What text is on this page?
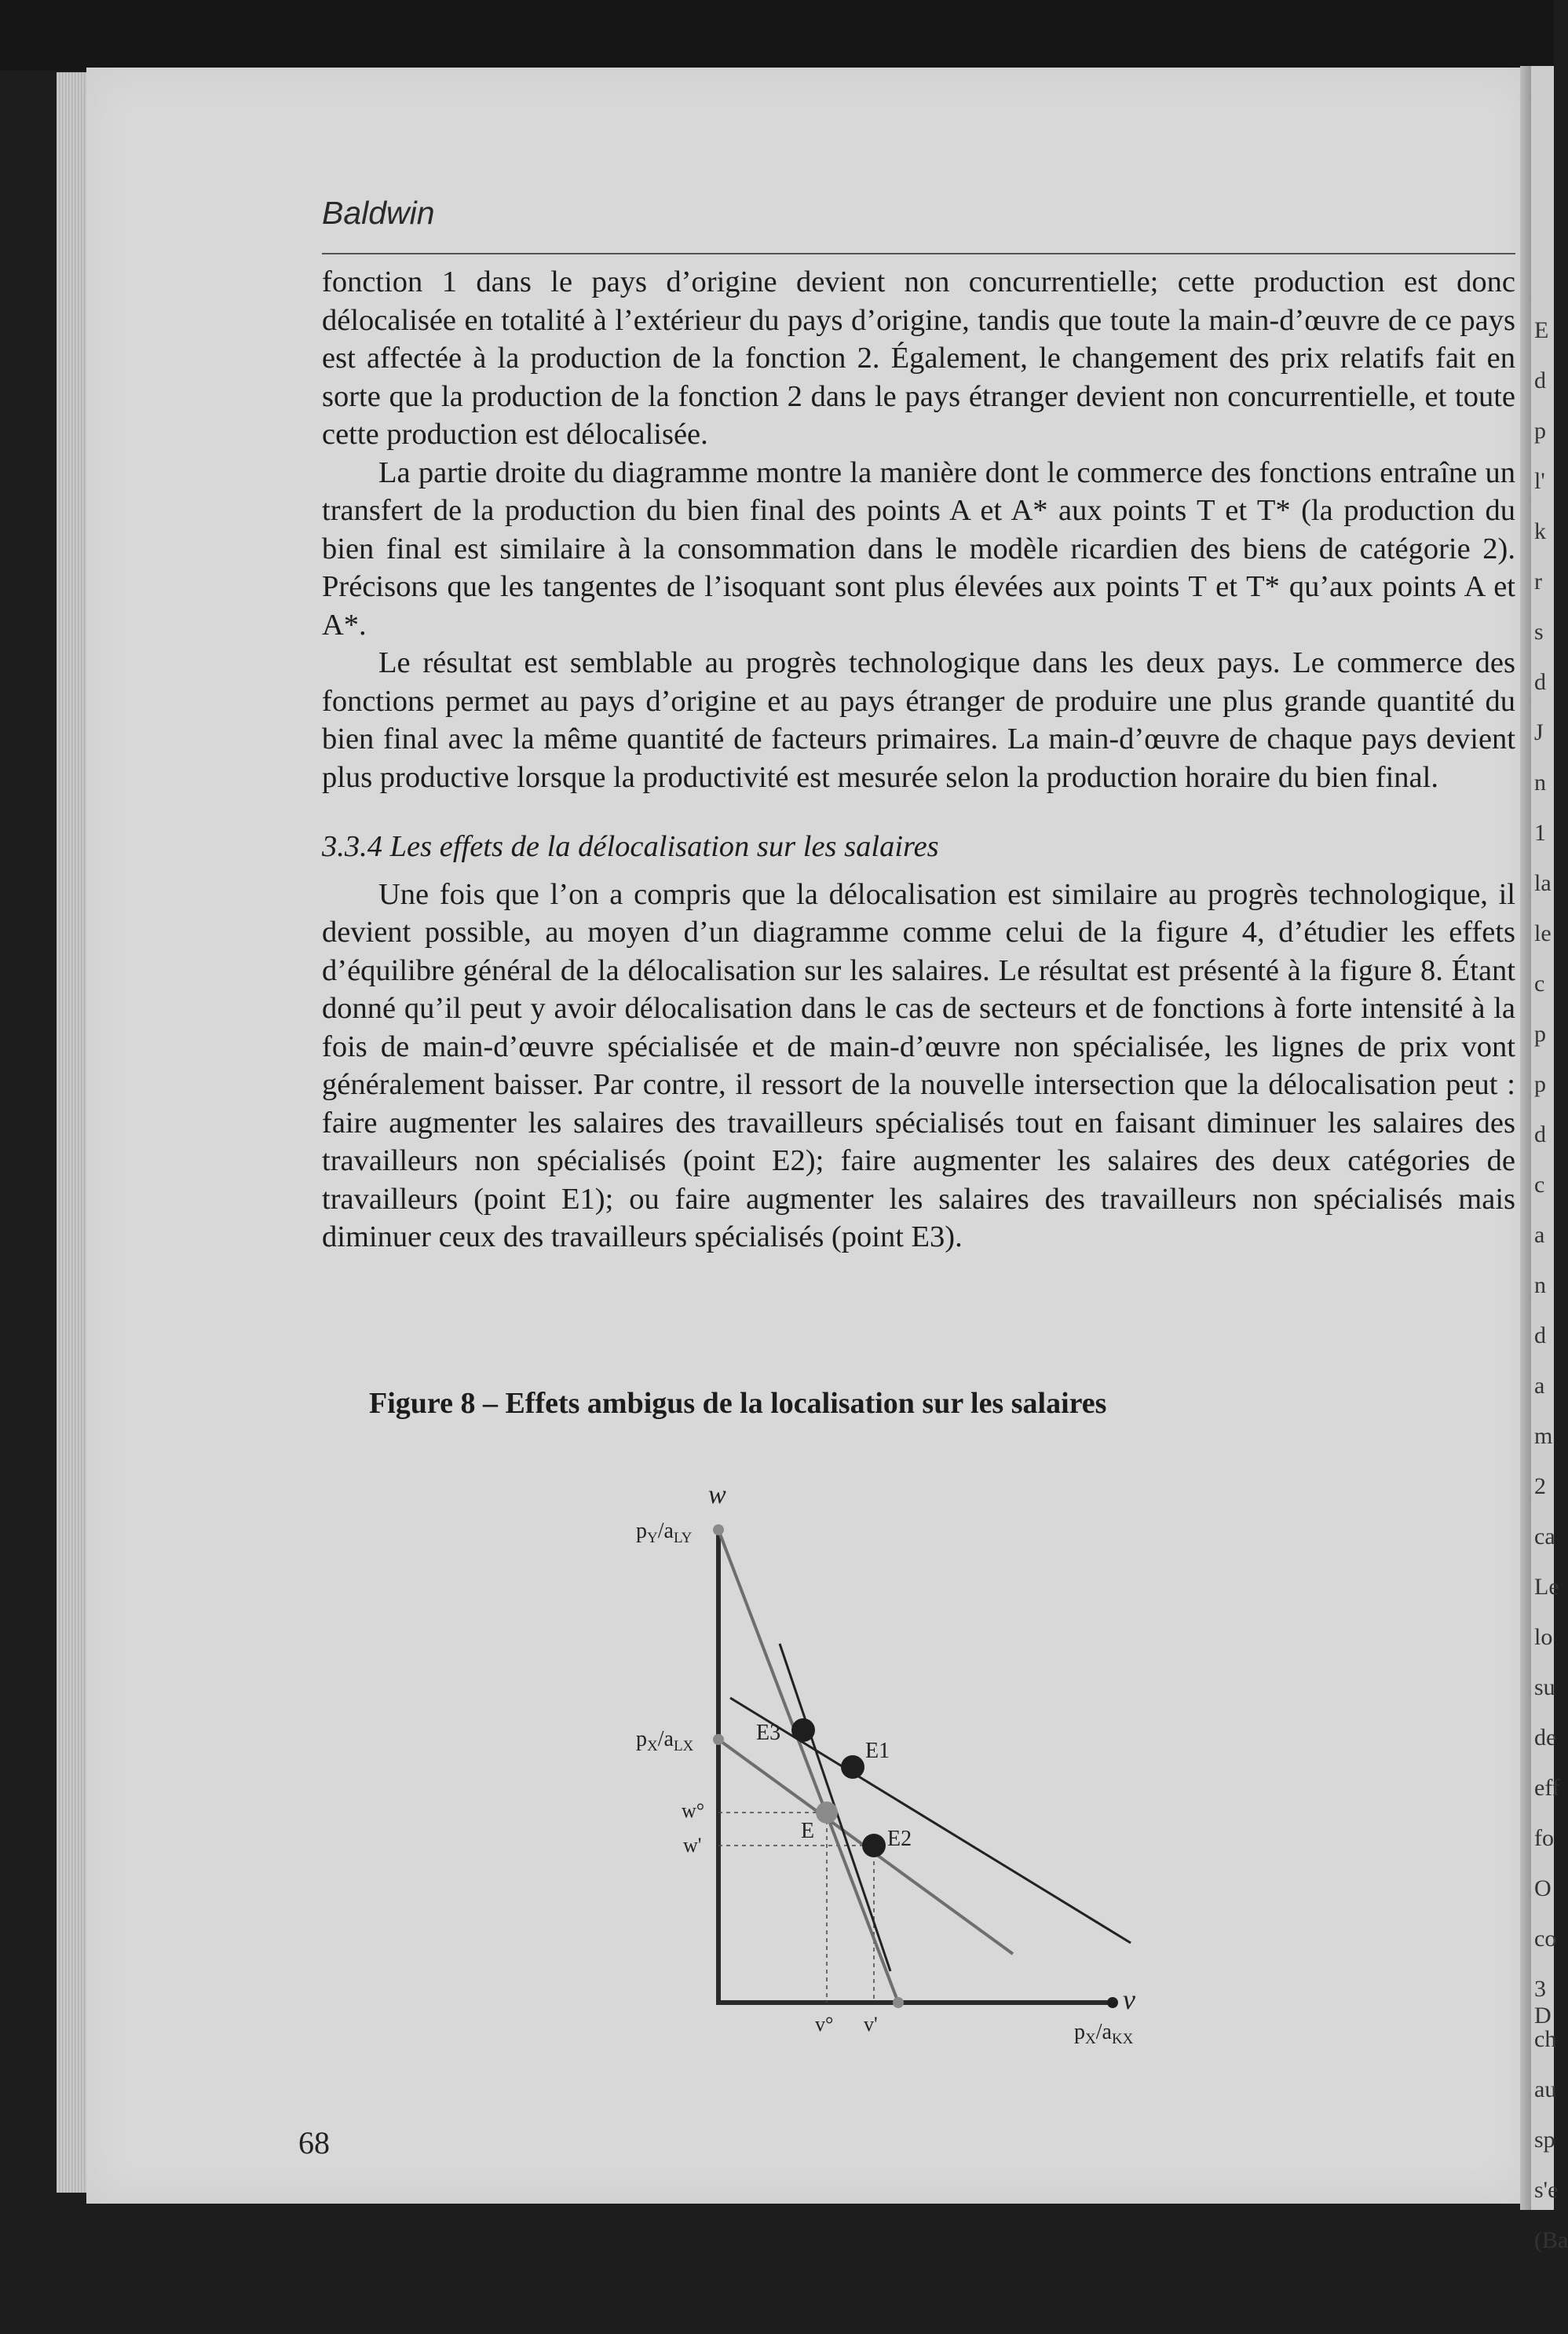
E
d
p
l'
k
r
s
d
J
n
1
la
le
c
p
p
d
c
a
n
d
a
m
2
ca
Le
lo
su
de
eff
fo
O
co
3 D
ch
au
sp
s'e
(Ba
Baldwin

fonction 1 dans le pays d’origine devient non concurrentielle; cette production est donc délocalisée en totalité à l’extérieur du pays d’origine, tandis que toute la main-d’œuvre de ce pays est affectée à la production de la fonction 2. Également, le changement des prix relatifs fait en sorte que la production de la fonction 2 dans le pays étranger devient non concurrentielle, et toute cette production est délocalisée.

La partie droite du diagramme montre la manière dont le commerce des fonctions entraîne un transfert de la production du bien final des points A et A* aux points T et T* (la production du bien final est similaire à la consommation dans le modèle ricardien des biens de catégorie 2). Précisons que les tangentes de l’isoquant sont plus élevées aux points T et T* qu’aux points A et A*.

Le résultat est semblable au progrès technologique dans les deux pays. Le commerce des fonctions permet au pays d’origine et au pays étranger de produire une plus grande quantité du bien final avec la même quantité de facteurs primaires. La main-d’œuvre de chaque pays devient plus productive lorsque la productivité est mesurée selon la production horaire du bien final.

3.3.4 Les effets de la délocalisation sur les salaires

Une fois que l’on a compris que la délocalisation est similaire au progrès technologique, il devient possible, au moyen d’un diagramme comme celui de la figure 4, d’étudier les effets d’équilibre général de la délocalisation sur les salaires. Le résultat est présenté à la figure 8. Étant donné qu’il peut y avoir délocalisation dans le cas de secteurs et de fonctions à forte intensité à la fois de main-d’œuvre spécialisée et de main-d’œuvre non spécialisée, les lignes de prix vont généralement baisser. Par contre, il ressort de la nouvelle intersection que la délocalisation peut : faire augmenter les salaires des travailleurs spécialisés tout en faisant diminuer les salaires des travailleurs non spécialisés (point E2); faire augmenter les salaires des deux catégories de travailleurs (point E1); ou faire augmenter les salaires des travailleurs non spécialisés mais diminuer ceux des travailleurs spécialisés (point E3).

Figure 8 – Effets ambigus de la localisation sur les salaires
w
v
$p_Y/a_{LY}$
$p_X/a_{LX}$
$p_X/a_{KX}$
w°
w'
v° v'
E
E3
E1
E2
68
